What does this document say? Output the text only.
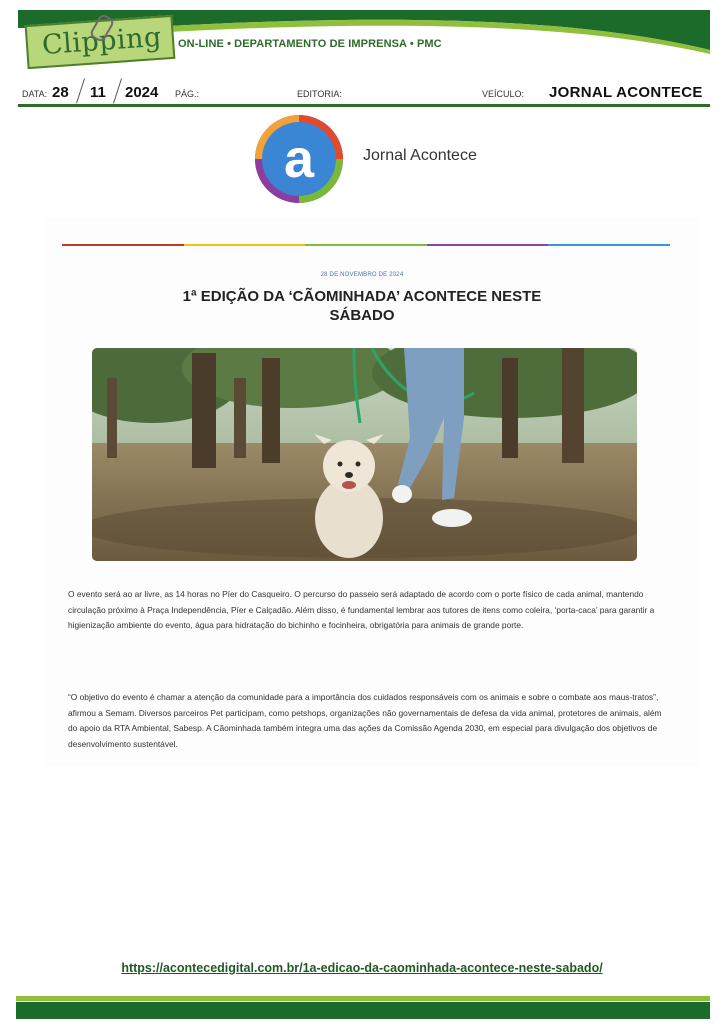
Clipping ON-LINE • DEPARTAMENTO DE IMPRENSA • PMC
DATA: 28 11 2024 PÁG.:	EDITORIA:	VEÍCULO: JORNAL ACONTECE
a	Jornal Acontece
28 DE NOVEMBRO DE 2024
1ª EDIÇÃO DA ‘CÃOMINHADA’ ACONTECE NESTE SÁBADO

O evento será ao ar livre, as 14 horas no Píer do Casqueiro. O percurso do passeio será adaptado de acordo com o porte físico de cada animal, mantendo circulação próximo à Praça Independência, Píer e Calçadão. Além disso, é fundamental lembrar aos tutores de itens como coleira, ‘porta-caca’ para garantir a higienização ambiente do evento, água para hidratação do bichinho e focinheira, obrigatória para animais de grande porte.

“O objetivo do evento é chamar a atenção da comunidade para a importância dos cuidados responsáveis com os animais e sobre o combate aos maus-tratos”, afirmou a Semam. Diversos parceiros Pet participam, como petshops, organizações não governamentais de defesa da vida animal, protetores de animais, além do apoio da RTA Ambiental, Sabesp. A Cãominhada também integra uma das ações da Comissão Agenda 2030, em especial para divulgação dos objetivos de desenvolvimento sustentável.

https://acontecedigital.com.br/1a-edicao-da-caominhada-acontece-neste-sabado/
